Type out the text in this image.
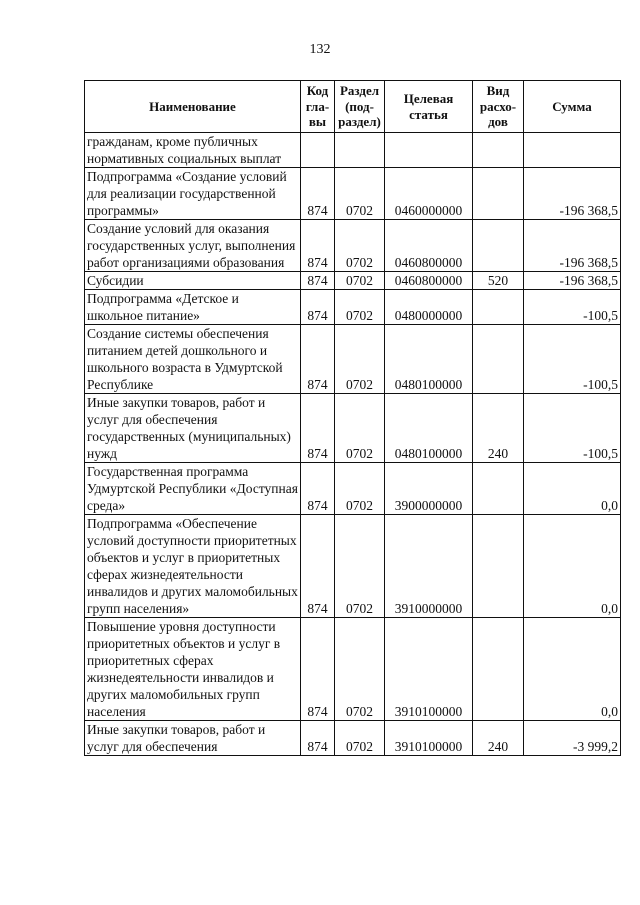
132
Наименование	Код гла- вы	Раздел (под- раздел)	Целевая статья	Вид расхо- дов	Сумма
гражданам, кроме публичных нормативных социальных выплат					
Подпрограмма «Создание условий для реализации государственной программы»	874	0702	0460000000		-196 368,5
Создание условий для оказания государственных услуг, выполнения работ организациями образования	874	0702	0460800000		-196 368,5
Субсидии	874	0702	0460800000	520	-196 368,5
Подпрограмма «Детское и школьное питание»	874	0702	0480000000		-100,5
Создание системы обеспечения питанием детей дошкольного и школьного возраста в Удмуртской Республике	874	0702	0480100000		-100,5
Иные закупки товаров, работ и услуг для обеспечения государственных (муниципальных) нужд	874	0702	0480100000	240	-100,5
Государственная программа Удмуртской Республики «Доступная среда»	874	0702	3900000000		0,0
Подпрограмма «Обеспечение условий доступности приоритетных объектов и услуг в приоритетных сферах жизнедеятельности инвалидов и других маломобильных групп населения»	874	0702	3910000000		0,0
Повышение уровня доступности приоритетных объектов и услуг в приоритетных сферах жизнедеятельности инвалидов и других маломобильных групп населения	874	0702	3910100000		0,0
Иные закупки товаров, работ и услуг для обеспечения	874	0702	3910100000	240	-3 999,2
